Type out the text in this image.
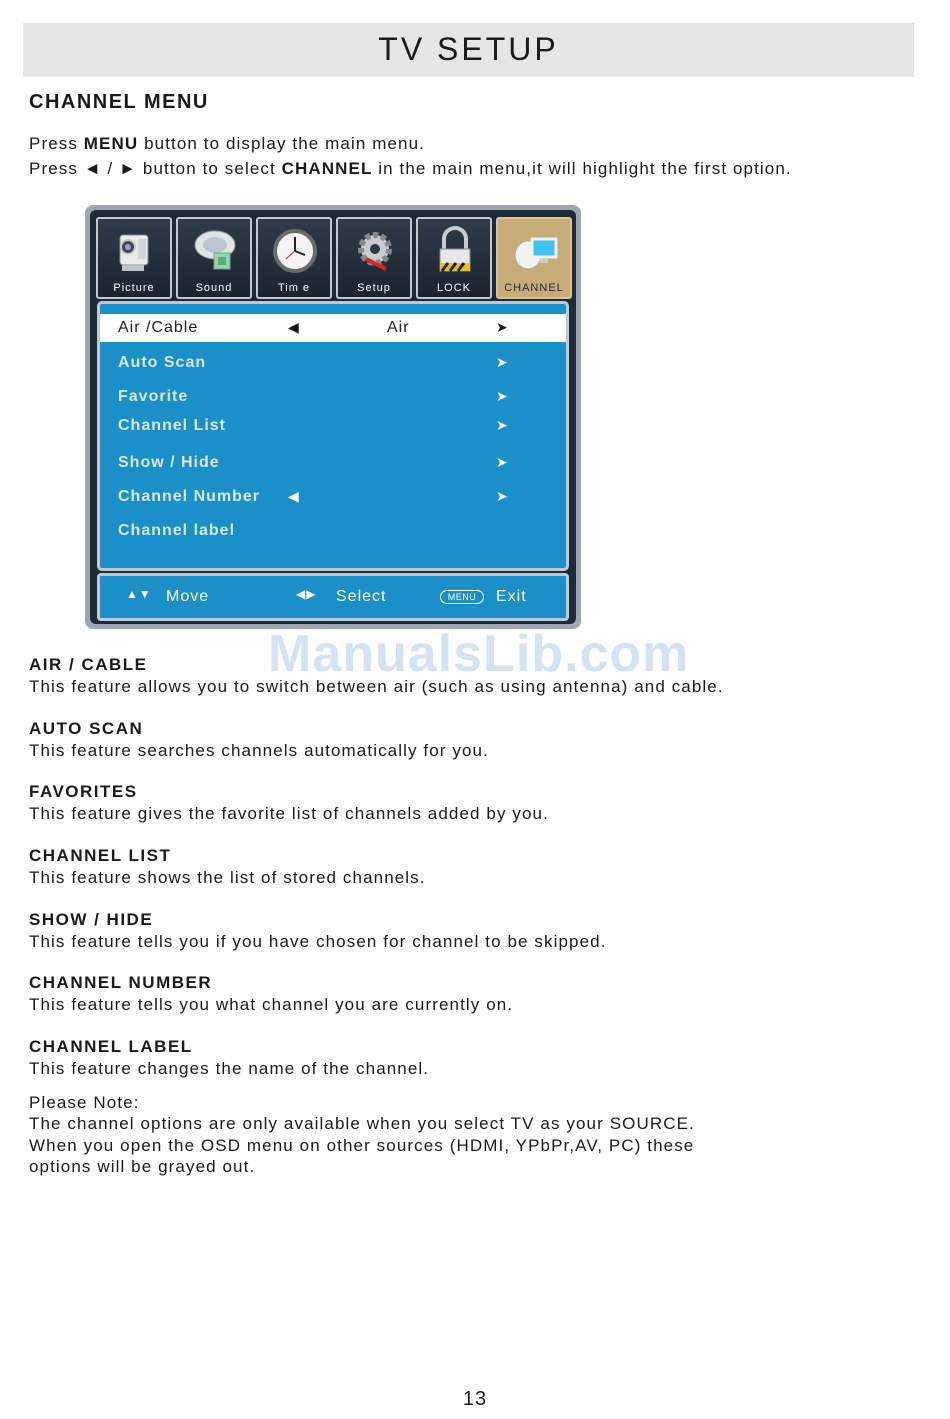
TV SETUP
CHANNEL MENU
Press MENU button to display the main menu.
Press ◄ / ► button to select CHANNEL in the main menu,it will highlight the first option.
Picture	Sound	Tim e	Setup	LOCK	CHANNEL
Air /Cable	◀	Air	➤
Auto Scan	➤
Favorite	➤
Channel List	➤
Show / Hide	➤
Channel Number ◀	➤
Channel label
▲▼ Move	◀▶ Select	MENU	Exit
ManualsLib.com
AIR / CABLE
This feature allows you to switch between air (such as using antenna) and cable.
AUTO SCAN
This feature searches channels automatically for you.
FAVORITES
This feature gives the favorite list of channels added by you.
CHANNEL LIST
This feature shows the list of stored channels.
SHOW / HIDE
This feature tells you if you have chosen for channel to be skipped.
CHANNEL NUMBER
This feature tells you what channel you are currently on.
CHANNEL LABEL
This feature changes the name of the channel.
Please Note:
The channel options are only available when you select TV as your SOURCE.
When you open the OSD menu on other sources (HDMI, YPbPr,AV, PC) these
options will be grayed out.
13
